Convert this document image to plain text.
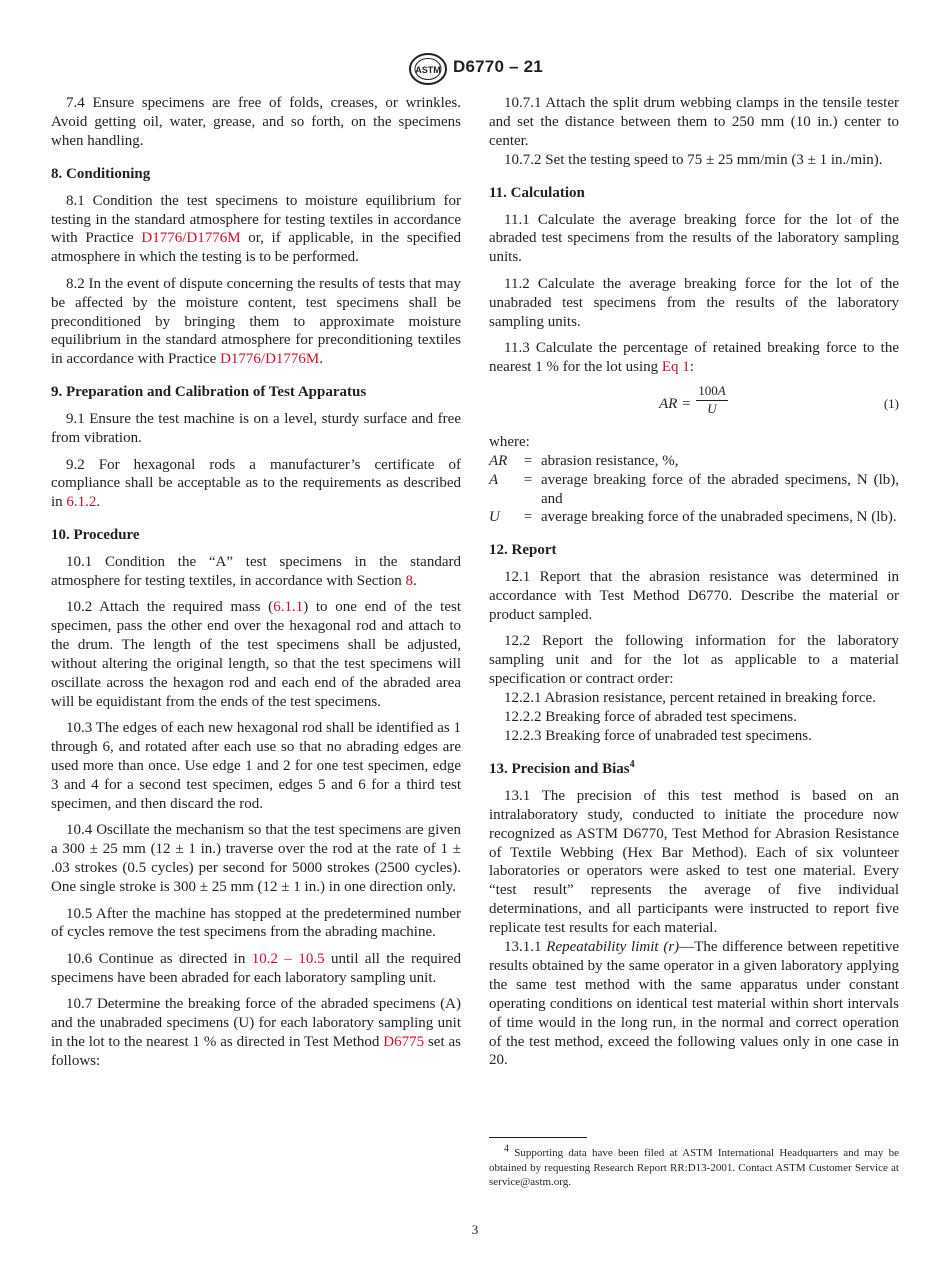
ASTM D6770 – 21

7.4 Ensure specimens are free of folds, creases, or wrinkles. Avoid getting oil, water, grease, and so forth, on the specimens when handling.

8. Conditioning

8.1 Condition the test specimens to moisture equilibrium for testing in the standard atmosphere for testing textiles in accordance with Practice D1776/D1776M or, if applicable, in the specified atmosphere in which the testing is to be performed.

8.2 In the event of dispute concerning the results of tests that may be affected by the moisture content, test specimens shall be preconditioned by bringing them to approximate moisture equilibrium in the standard atmosphere for preconditioning textiles in accordance with Practice D1776/D1776M.

9. Preparation and Calibration of Test Apparatus

9.1 Ensure the test machine is on a level, sturdy surface and free from vibration.

9.2 For hexagonal rods a manufacturer’s certificate of compliance shall be acceptable as to the requirements as described in 6.1.2.

10. Procedure

10.1 Condition the “A” test specimens in the standard atmosphere for testing textiles, in accordance with Section 8.

10.2 Attach the required mass (6.1.1) to one end of the test specimen, pass the other end over the hexagonal rod and attach to the drum. The length of the test specimens shall be adjusted, without altering the original length, so that the test specimens will oscillate across the hexagon rod and each end of the abraded area will be equidistant from the ends of the test specimens.

10.3 The edges of each new hexagonal rod shall be identified as 1 through 6, and rotated after each use so that no abrading edges are used more than once. Use edge 1 and 2 for one test specimen, edge 3 and 4 for a second test specimen, edges 5 and 6 for a third test specimen, and then discard the rod.

10.4 Oscillate the mechanism so that the test specimens are given a 300 ± 25 mm (12 ± 1 in.) traverse over the rod at the rate of 1 ± .03 strokes (0.5 cycles) per second for 5000 strokes (2500 cycles). One single stroke is 300 ± 25 mm (12 ± 1 in.) in one direction only.

10.5 After the machine has stopped at the predetermined number of cycles remove the test specimens from the abrading machine.

10.6 Continue as directed in 10.2 – 10.5 until all the required specimens have been abraded for each laboratory sampling unit.

10.7 Determine the breaking force of the abraded specimens (A) and the unabraded specimens (U) for each laboratory sampling unit in the lot to the nearest 1 % as directed in Test Method D6775 set as follows:

10.7.1 Attach the split drum webbing clamps in the tensile tester and set the distance between them to 250 mm (10 in.) center to center.

10.7.2 Set the testing speed to 75 ± 25 mm/min (3 ± 1 in./min).

11. Calculation

11.1 Calculate the average breaking force for the lot of the abraded test specimens from the results of the laboratory sampling units.

11.2 Calculate the average breaking force for the lot of the unabraded test specimens from the results of the laboratory sampling units.

11.3 Calculate the percentage of retained breaking force to the nearest 1 % for the lot using Eq 1:

AR = $\frac{100A}{U}$	(1)

where:

AR	= abrasion resistance, %,
A	= average breaking force of the abraded specimens, N (lb), and
U	= average breaking force of the unabraded specimens, N (lb).
12. Report

12.1 Report that the abrasion resistance was determined in accordance with Test Method D6770. Describe the material or product sampled.

12.2 Report the following information for the laboratory sampling unit and for the lot as applicable to a material specification or contract order:

12.2.1 Abrasion resistance, percent retained in breaking force.

12.2.2 Breaking force of abraded test specimens.

12.2.3 Breaking force of unabraded test specimens.

13. Precision and Bias$^4$

13.1 The precision of this test method is based on an intralaboratory study, conducted to initiate the procedure now recognized as ASTM D6770, Test Method for Abrasion Resistance of Textile Webbing (Hex Bar Method). Each of six volunteer laboratories or operators were asked to test one material. Every “test result” represents the average of five individual determinations, and all participants were instructed to report five replicate test results for each material.

13.1.1 Repeatability limit (r)—The difference between repetitive results obtained by the same operator in a given laboratory applying the same test method with the same apparatus under constant operating conditions on identical test material within short intervals of time would in the long run, in the normal and correct operation of the test method, exceed the following values only in one case in 20.

$^4$ Supporting data have been filed at ASTM International Headquarters and may be obtained by requesting Research Report RR:D13-2001. Contact ASTM Customer Service at service@astm.org.
3
